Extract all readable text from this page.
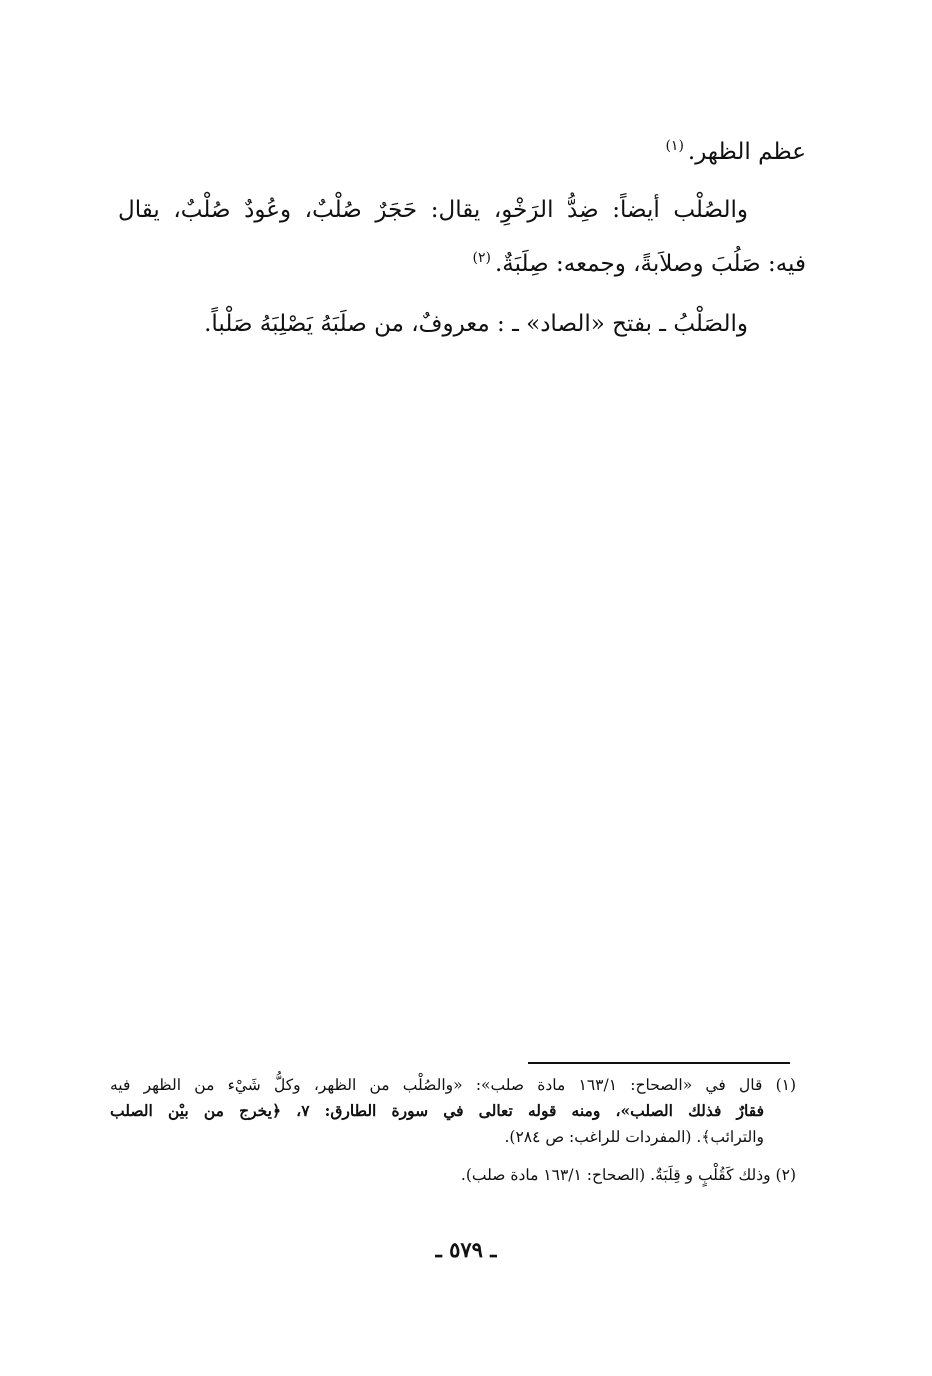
عظم الظهر.$^{(١)}$
والصُلْب أيضاً: ضِدُّ الرَخْوِ، يقال: حَجَرٌ صُلْبٌ، وعُودٌ صُلْبٌ، يقال
فيه: صَلُبَ وصلاَبةً، وجمعه: صِلَبَةٌ.$^{(٢)}$
والصَلْبُ ـ بفتح «الصاد» ـ : معروفٌ، من صلَبَهُ يَصْلِبَهُ صَلْباً.
(١) قال في «الصحاح: ١٦٣/١ مادة صلب»: «والصُلْب من الظهر، وكلُّ شَيْء من الظهر فيه
فقارٌ فذلك الصلب»، ومنه قوله تعالى في سورة الطارق: ٧، ﴿يخرج من بيْن الصلب
والترائب﴾. (المفردات للراغب: ص ٢٨٤).
(٢) وذلك كَقُلْبٍ و قِلَبَةٌ. (الصحاح: ١٦٣/١ مادة صلب).
ـ ٥٧٩ ـ
